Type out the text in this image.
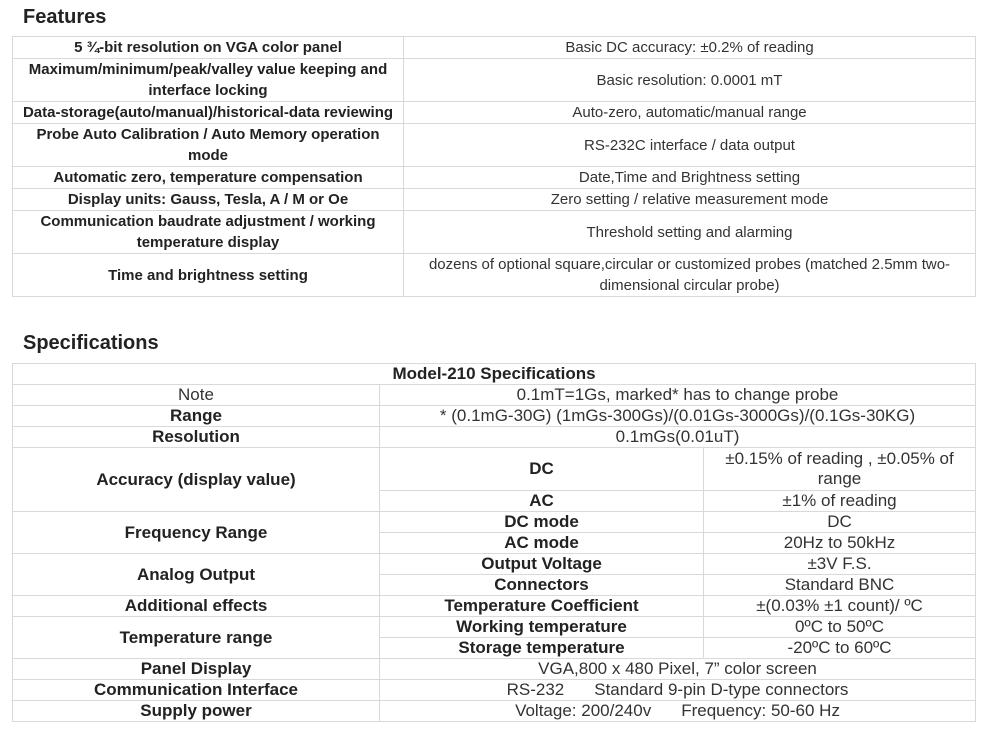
Features
5 ¾-bit resolution on VGA color panel	Basic DC accuracy: ±0.2% of reading
Maximum/minimum/peak/valley value keeping and interface locking	Basic resolution: 0.0001 mT
Data-storage(auto/manual)/historical-data reviewing	Auto-zero, automatic/manual range
Probe Auto Calibration / Auto Memory operation mode	RS-232C interface / data output
Automatic zero, temperature compensation	Date,Time and Brightness setting
Display units: Gauss, Tesla, A / M or Oe	Zero setting / relative measurement mode
Communication baudrate adjustment / working temperature display	Threshold setting and alarming
Time and brightness setting	dozens of optional square,circular or customized probes (matched 2.5mm two-dimensional circular probe)
Specifications
Model-210 Specifications		
Note	0.1mT=1Gs, marked* has to change probe	
Range	* (0.1mG-30G) (1mGs-300Gs)/(0.01Gs-3000Gs)/(0.1Gs-30KG)	
Resolution	0.1mGs(0.01uT)	
Accuracy (display value)	DC	±0.15% of reading , ±0.05% of range
	AC	±1% of reading
Frequency Range	DC mode	DC
	AC mode	20Hz to 50kHz
Analog Output	Output Voltage	±3V F.S.
	Connectors	Standard BNC
Additional effects	Temperature Coefficient	±(0.03% ±1 count)/ ºC
Temperature range	Working temperature	0ºC to 50ºC
	Storage temperature	-20ºC to 60ºC
Panel Display	VGA,800 x 480 Pixel, 7” color screen	
Communication Interface	RS-232 Standard 9-pin D-type connectors	
Supply power	Voltage: 200/240v Frequency: 50-60 Hz	
